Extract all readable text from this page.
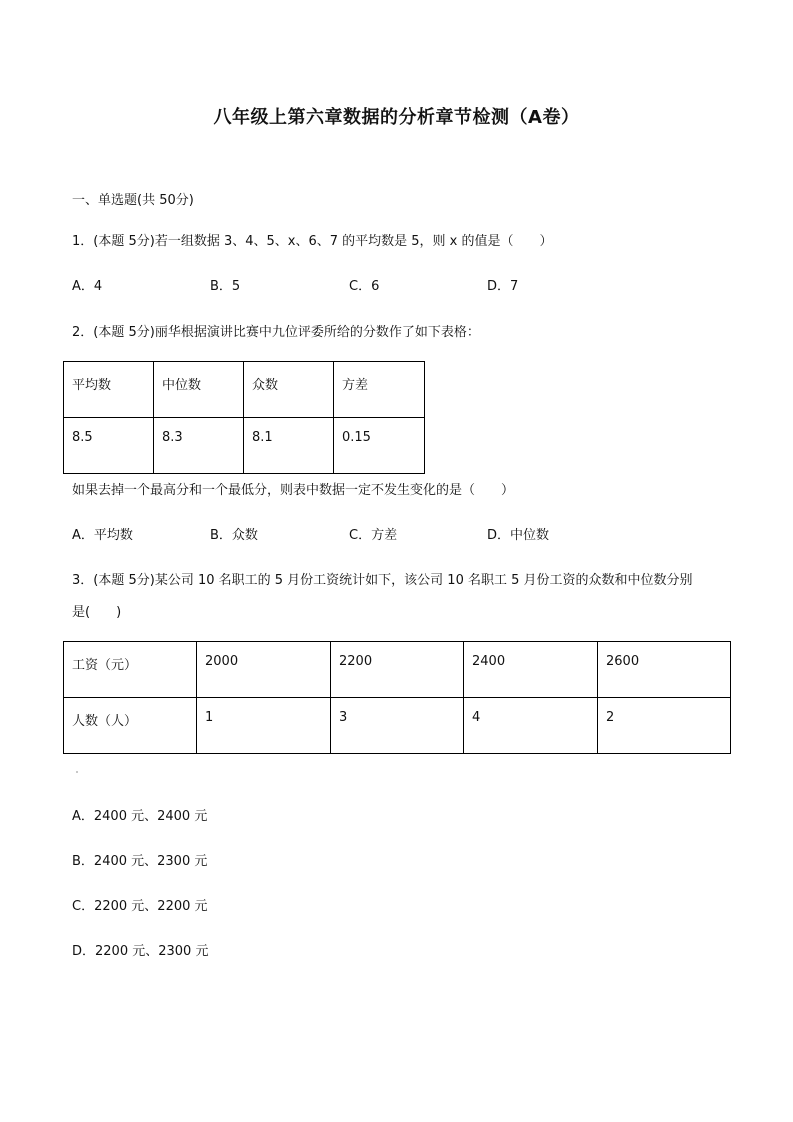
八年级上第六章数据的分析章节检测（A卷）
一、单选题(共 50分)
1．(本题 5分)若一组数据 3、4、5、x、6、7 的平均数是 5，则 x 的值是（　　）
A．4	B．5	C．6	D．7
2．(本题 5分)丽华根据演讲比赛中九位评委所给的分数作了如下表格：
平均数	中位数	众数	方差
8.5	8.3	8.1	0.15
如果去掉一个最高分和一个最低分，则表中数据一定不发生变化的是（　　）
A．平均数	B．众数	C．方差	D．中位数
3．(本题 5分)某公司 10 名职工的 5 月份工资统计如下，该公司 10 名职工 5 月份工资的众数和中位数分别
是(　　)
工资（元）	2000	2200	2400	2600
人数（人）	1	3	4	2
A．2400 元、2400 元
B．2400 元、2300 元
C．2200 元、2200 元
D．2200 元、2300 元
